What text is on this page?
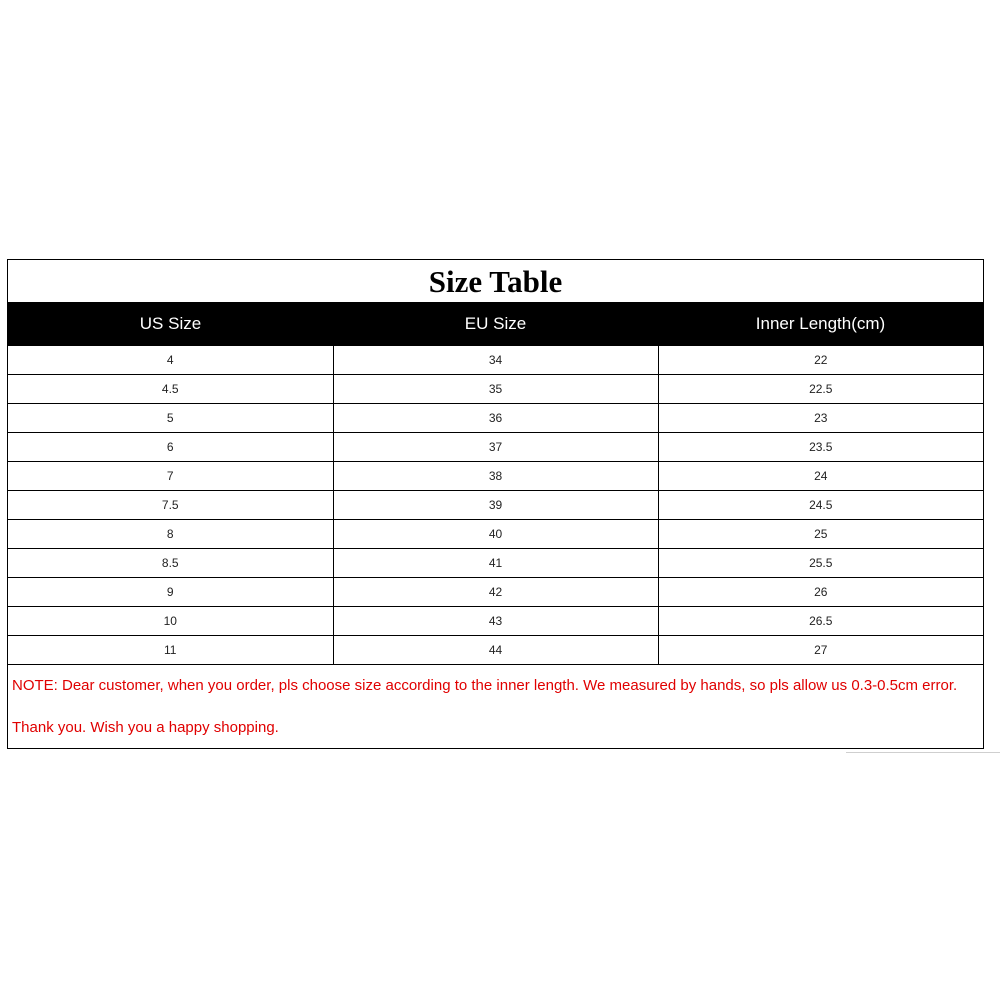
Size Table
US Size	EU Size	Inner Length(cm)
4	34	22
4.5	35	22.5
5	36	23
6	37	23.5
7	38	24
7.5	39	24.5
8	40	25
8.5	41	25.5
9	42	26
10	43	26.5
11	44	27
NOTE: Dear customer, when you order, pls choose size according to the inner length. We measured by hands, so pls allow us 0.3-0.5cm error. Thank you. Wish you a happy shopping.
